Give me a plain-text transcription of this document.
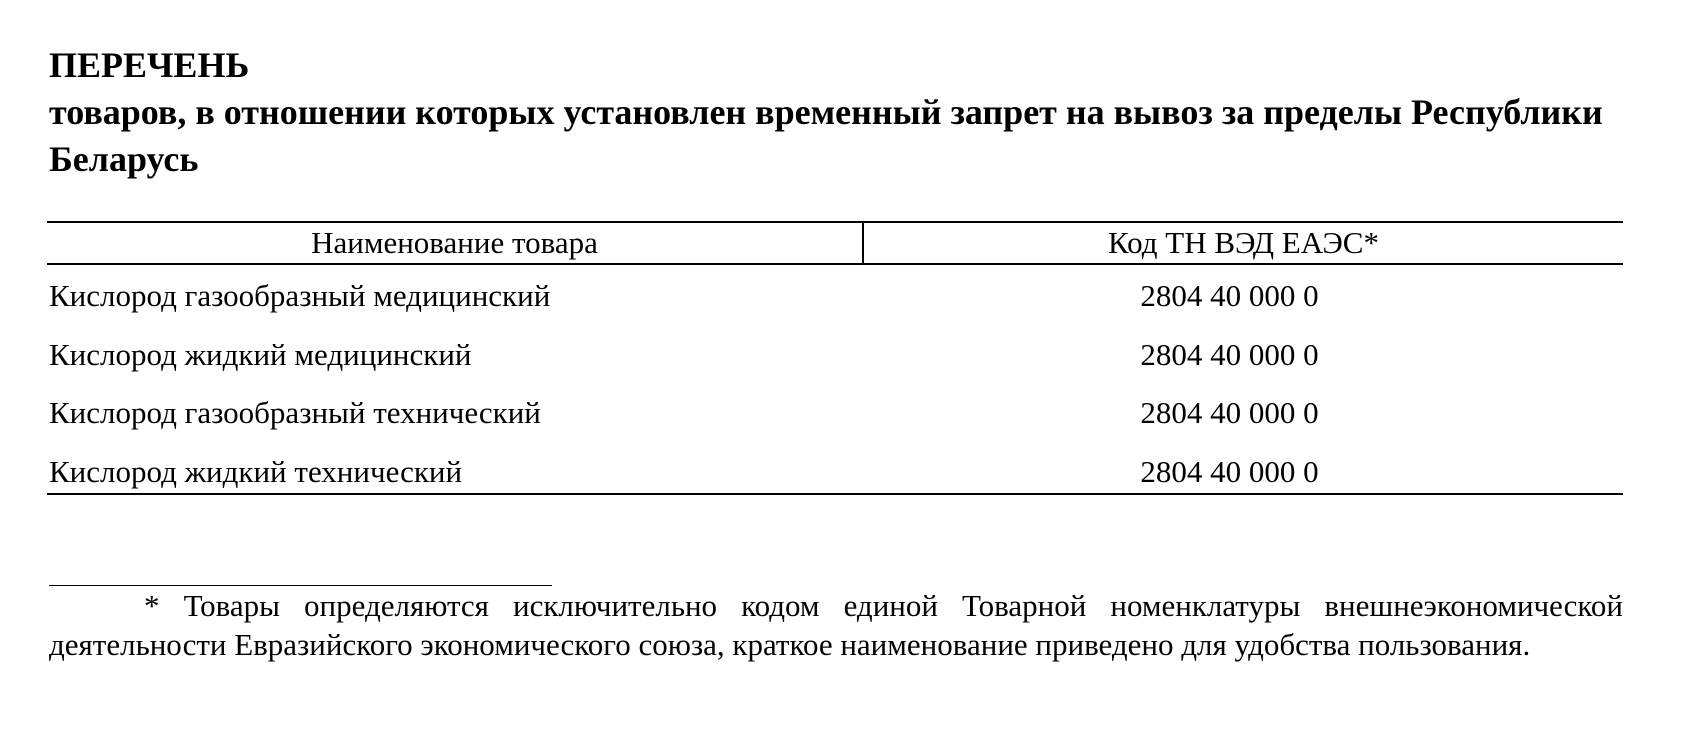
ПЕРЕЧЕНЬ
товаров, в отношении которых установлен временный запрет на вывоз за пределы Республики Беларусь
Наименование товара	Код ТН ВЭД ЕАЭС*
Кислород газообразный медицинский	2804 40 000 0
Кислород жидкий медицинский	2804 40 000 0
Кислород газообразный технический	2804 40 000 0
Кислород жидкий технический	2804 40 000 0

* Товары определяются исключительно кодом единой Товарной номенклатуры внешнеэкономической деятельности Евразийского экономического союза, краткое наименование приведено для удобства пользования.
